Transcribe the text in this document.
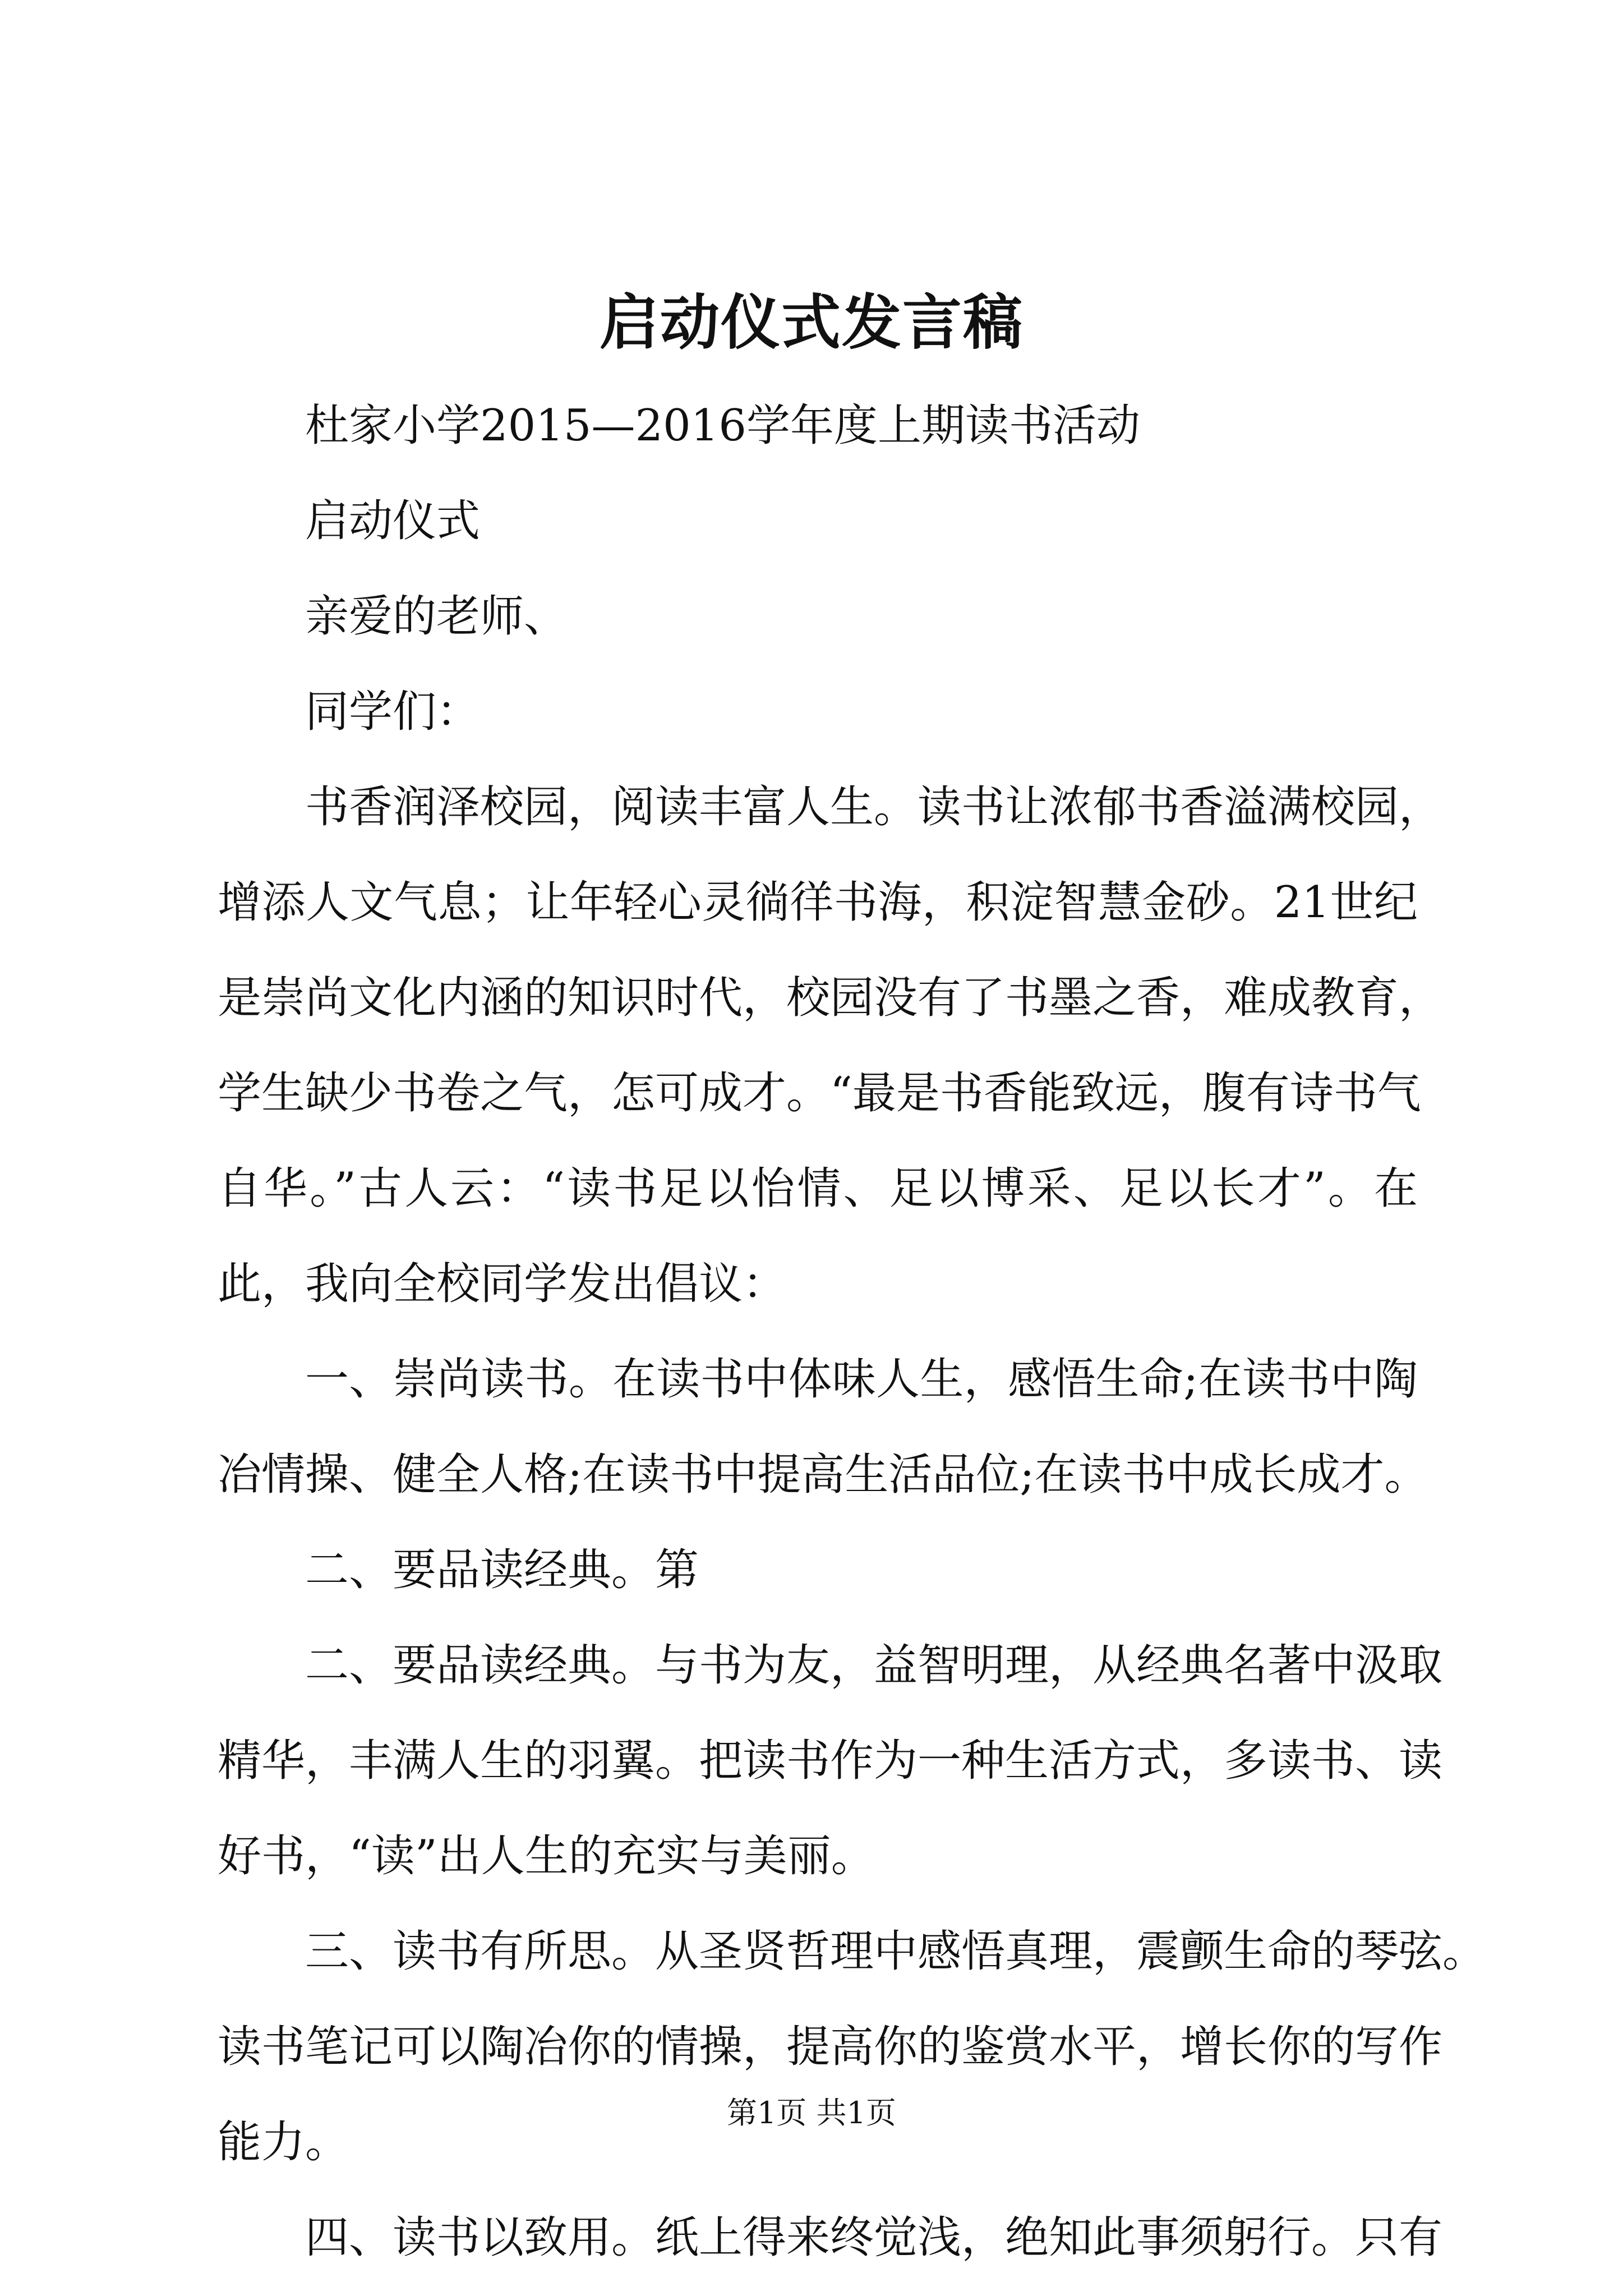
启动仪式发言稿
杜家小学2015—2016学年度上期读书活动
启动仪式
亲爱的老师、
同学们：
书香润泽校园，阅读丰富人生。读书让浓郁书香溢满校园，
增添人文气息；让年轻心灵徜徉书海，积淀智慧金砂。21世纪
是崇尚文化内涵的知识时代，校园没有了书墨之香，难成教育，
学生缺少书卷之气，怎可成才。“最是书香能致远，腹有诗书气
自华。”古人云：“读书足以怡情、足以博采、足以长才”。在
此，我向全校同学发出倡议：
一、崇尚读书。在读书中体味人生，感悟生命;在读书中陶
冶情操、健全人格;在读书中提高生活品位;在读书中成长成才。
二、要品读经典。第
二、要品读经典。与书为友，益智明理，从经典名著中汲取
精华，丰满人生的羽翼。把读书作为一种生活方式，多读书、读
好书，“读”出人生的充实与美丽。
三、读书有所思。从圣贤哲理中感悟真理，震颤生命的琴弦。
读书笔记可以陶冶你的情操，提高你的鉴赏水平，增长你的写作
能力。
四、读书以致用。纸上得来终觉浅，绝知此事须躬行。只有
第1页 共1页
